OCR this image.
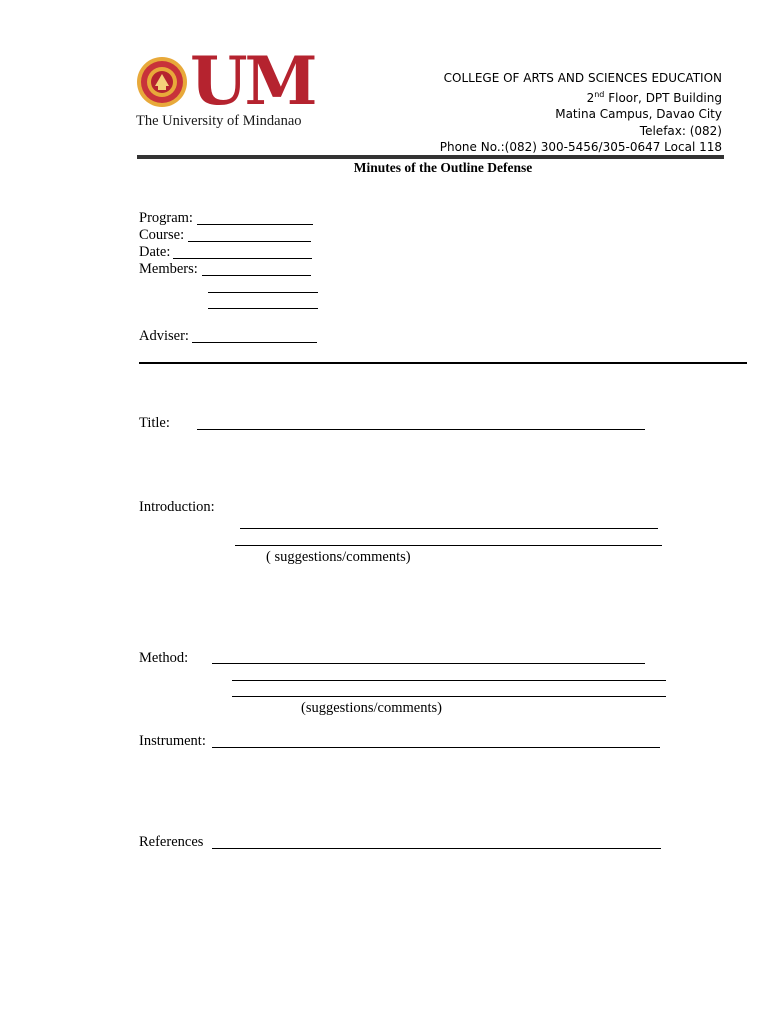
UM
The University of Mindanao
COLLEGE OF ARTS AND SCIENCES EDUCATION
2nd Floor, DPT Building
Matina Campus, Davao City
Telefax: (082)
Phone No.:(082) 300-5456/305-0647 Local 118
Minutes of the Outline Defense
Program:
Course:
Date:
Members:
Adviser:
Title:
Introduction:
( suggestions/comments)
Method:
(suggestions/comments)
Instrument:
References
